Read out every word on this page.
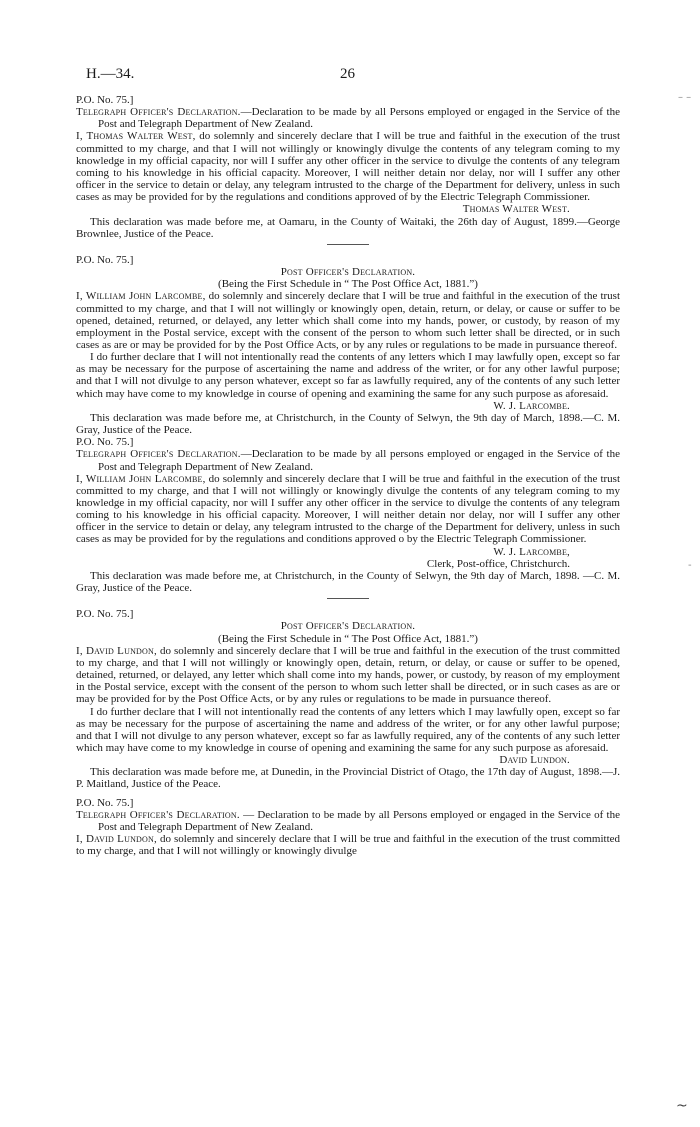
H.—34.	26
– –
-
~

P.O. No. 75.]

Telegraph Officer's Declaration.—Declaration to be made by all Persons employed or engaged in the Service of the Post and Telegraph Department of New Zealand.

I, Thomas Walter West, do solemnly and sincerely declare that I will be true and faithful in the execution of the trust committed to my charge, and that I will not willingly or knowingly divulge the contents of any telegram coming to my knowledge in my official capacity, nor will I suffer any other officer in the service to divulge the contents of any telegram coming to his knowledge in his official capacity. Moreover, I will neither detain nor delay, nor will I suffer any other officer in the service to detain or delay, any telegram intrusted to the charge of the Department for delivery, unless in such cases as may be provided for by the regulations and conditions approved of by the Electric Telegraph Commissioner.

Thomas Walter West.

This declaration was made before me, at Oamaru, in the County of Waitaki, the 26th day of August, 1899.—George Brownlee, Justice of the Peace.

P.O. No. 75.]

Post Officer's Declaration.

(Being the First Schedule in “ The Post Office Act, 1881.”)

I, William John Larcombe, do solemnly and sincerely declare that I will be true and faithful in the execution of the trust committed to my charge, and that I will not willingly or knowingly open, detain, return, or delay, or cause or suffer to be opened, detained, returned, or delayed, any letter which shall come into my hands, power, or custody, by reason of my employment in the Postal service, except with the consent of the person to whom such letter shall be directed, or in such cases as are or may be provided for by the Post Office Acts, or by any rules or regulations to be made in pursuance thereof.

I do further declare that I will not intentionally read the contents of any letters which I may lawfully open, except so far as may be necessary for the purpose of ascertaining the name and address of the writer, or for any other lawful purpose; and that I will not divulge to any person whatever, except so far as lawfully required, any of the contents of any such letter which may have come to my knowledge in course of opening and examining the same for any such purpose as aforesaid.

W. J. Larcombe.

This declaration was made before me, at Christchurch, in the County of Selwyn, the 9th day of March, 1898.—C. M. Gray, Justice of the Peace.

P.O. No. 75.]

Telegraph Officer's Declaration.—Declaration to be made by all persons employed or engaged in the Service of the Post and Telegraph Department of New Zealand.

I, William John Larcombe, do solemnly and sincerely declare that I will be true and faithful in the execution of the trust committed to my charge, and that I will not willingly or knowingly divulge the contents of any telegram coming to my knowledge in my official capacity, nor will I suffer any other officer in the service to divulge the contents of any telegram coming to his knowledge in his official capacity. Moreover, I will neither detain nor delay, nor will I suffer any other officer in the service to detain or delay, any telegram intrusted to the charge of the Department for delivery, unless in such cases as may be provided for by the regulations and conditions approved o by the Electric Telegraph Commissioner.

W. J. Larcombe,

Clerk, Post-office, Christchurch.

This declaration was made before me, at Christchurch, in the County of Selwyn, the 9th day of March, 1898. —C. M. Gray, Justice of the Peace.

P.O. No. 75.]

Post Officer's Declaration.

(Being the First Schedule in “ The Post Office Act, 1881.”)

I, David Lundon, do solemnly and sincerely declare that I will be true and faithful in the execution of the trust committed to my charge, and that I will not willingly or knowingly open, detain, return, or delay, or cause or suffer to be opened, detained, returned, or delayed, any letter which shall come into my hands, power, or custody, by reason of my employment in the Postal service, except with the consent of the person to whom such letter shall be directed, or in such cases as are or may be provided for by the Post Office Acts, or by any rules or regulations to be made in pursuance thereof.

I do further declare that I will not intentionally read the contents of any letters which I may lawfully open, except so far as may be necessary for the purpose of ascertaining the name and address of the writer, or for any other lawful purpose; and that I will not divulge to any person whatever, except so far as lawfully required, any of the contents of any such letter which may have come to my knowledge in course of opening and examining the same for any such purpose as aforesaid.

David Lundon.

This declaration was made before me, at Dunedin, in the Provincial District of Otago, the 17th day of August, 1898.—J. P. Maitland, Justice of the Peace.

P.O. No. 75.]

Telegraph Officer's Declaration. — Declaration to be made by all Persons employed or engaged in the Service of the Post and Telegraph Department of New Zealand.

I, David Lundon, do solemnly and sincerely declare that I will be true and faithful in the execution of the trust committed to my charge, and that I will not willingly or knowingly divulge
